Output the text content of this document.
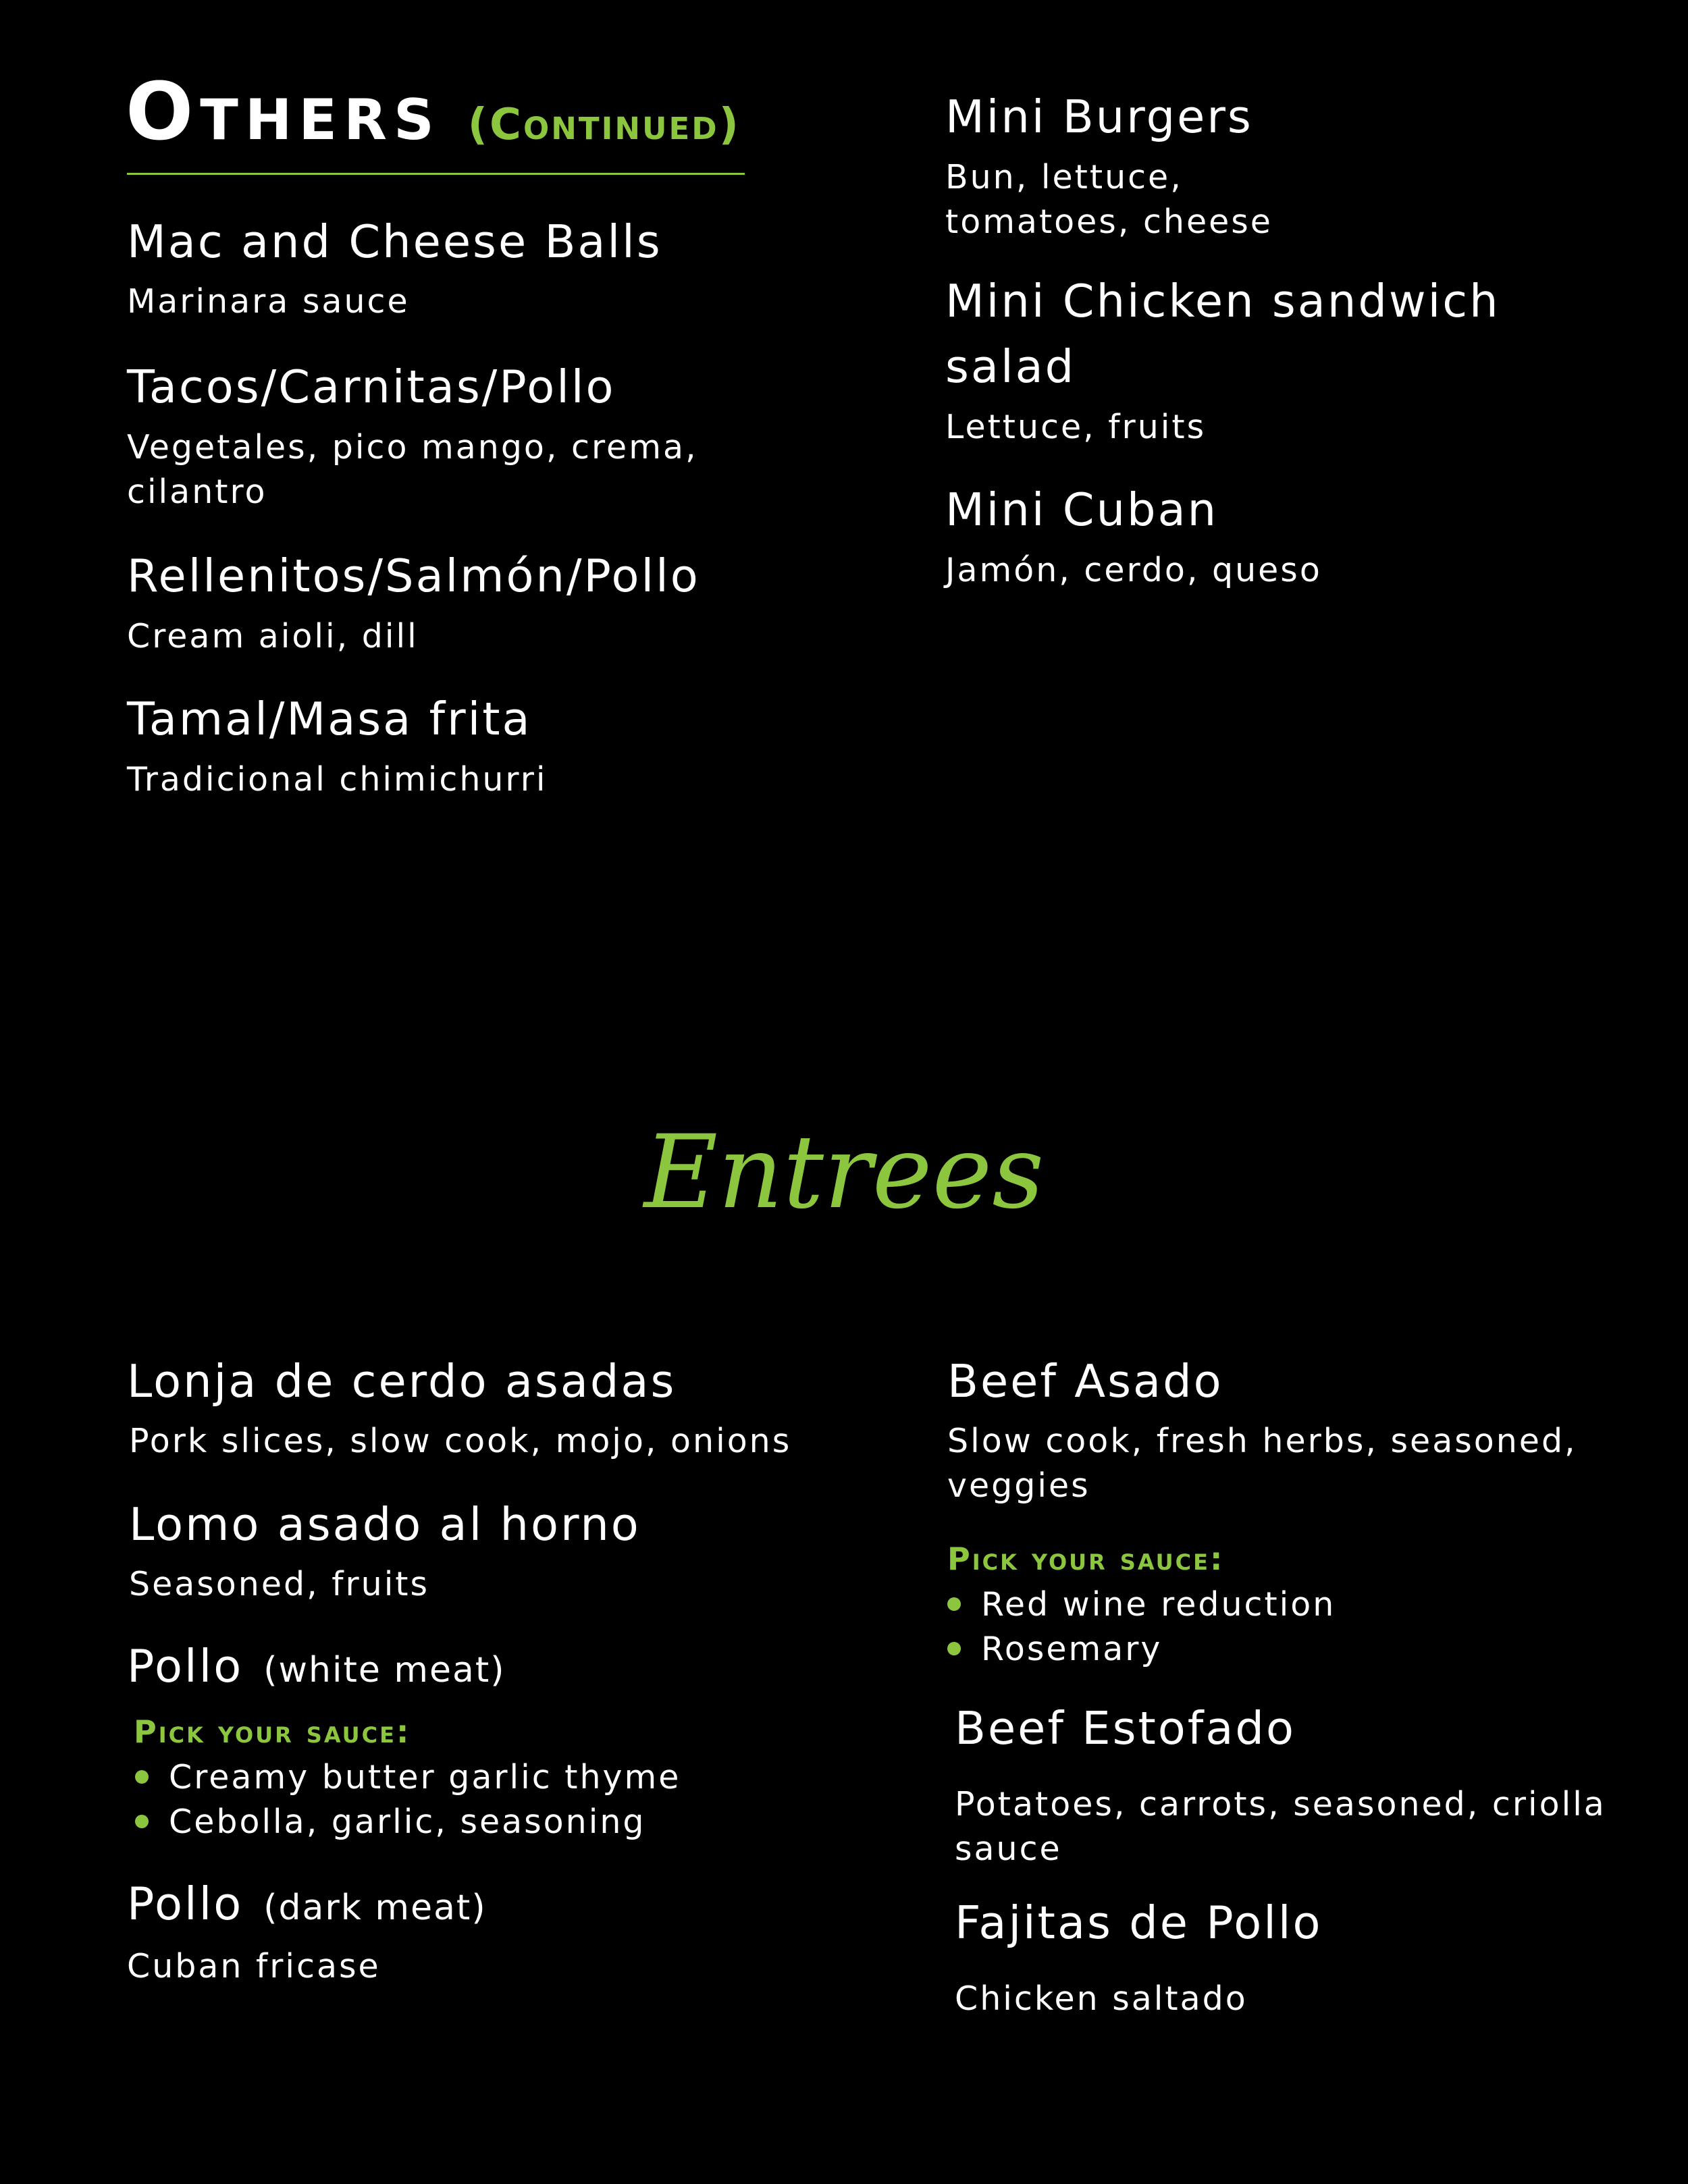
Others (Continued)
Mac and Cheese Balls
Marinara sauce
Tacos/Carnitas/Pollo
Vegetales, pico mango, crema, cilantro
Rellenitos/Salmón/Pollo
Cream aioli, dill
Tamal/Masa frita
Tradicional chimichurri
Mini Burgers
Bun, lettuce, tomatoes, cheese
Mini Chicken sandwich salad
Lettuce, fruits
Mini Cuban
Jamón, cerdo, queso
Entrees
Lonja de cerdo asadas
Pork slices, slow cook, mojo, onions
Lomo asado al horno
Seasoned, fruits
Pollo (white meat)
Pick your sauce:
Creamy butter garlic thyme
Cebolla, garlic, seasoning
Pollo (dark meat)
Cuban fricase
Beef Asado
Slow cook, fresh herbs, seasoned, veggies
Pick your sauce:
Red wine reduction
Rosemary
Beef Estofado
Potatoes, carrots, seasoned, criolla sauce
Fajitas de Pollo
Chicken saltado
